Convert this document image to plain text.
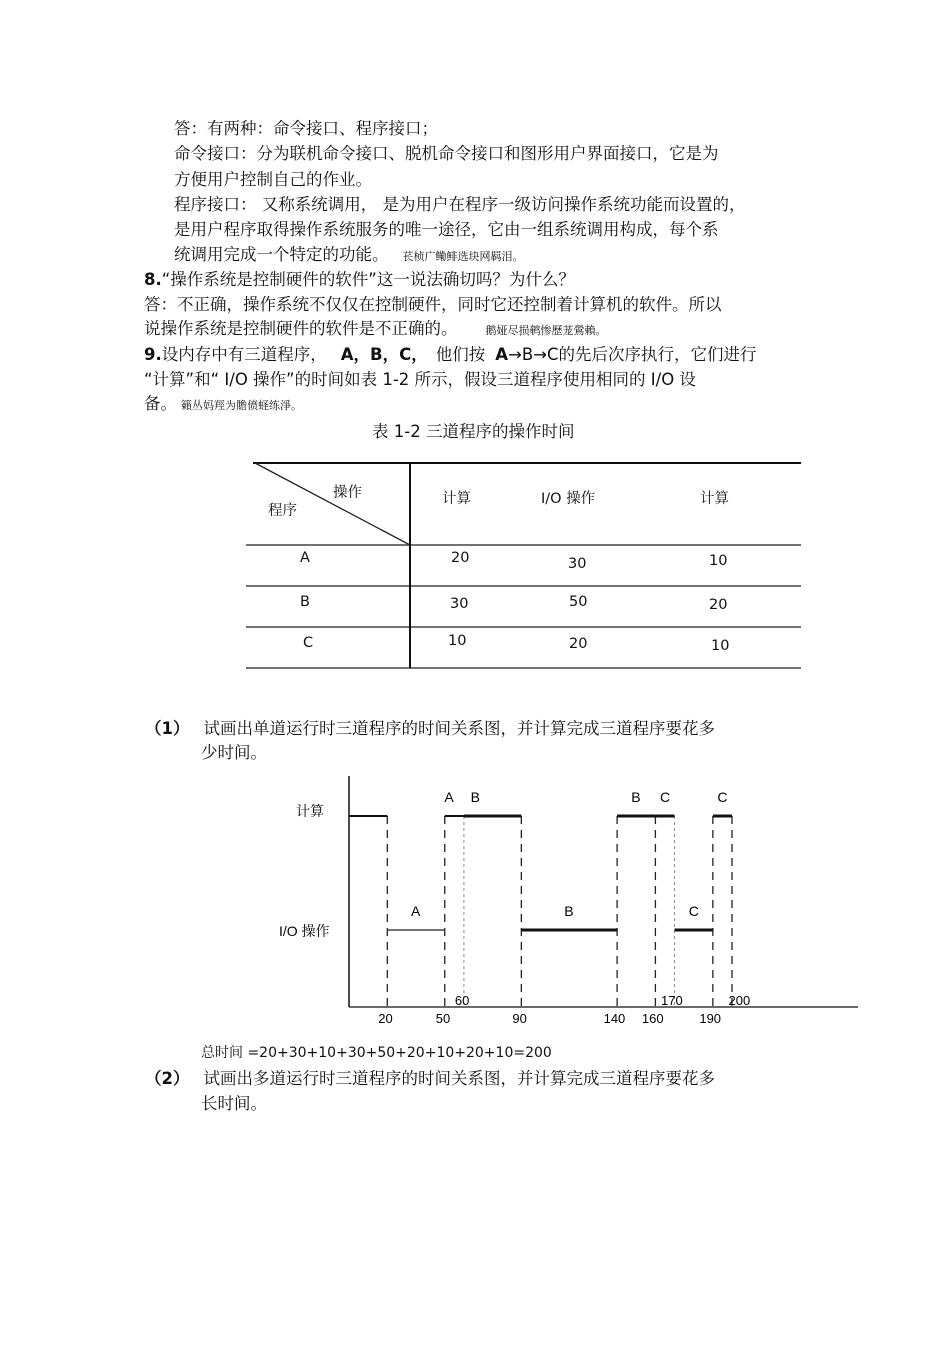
答：有两种：命令接口、程序接口；
命令接口：分为联机命令接口、脱机命令接口和图形用户界面接口，它是为
方便用户控制自己的作业。
程序接口： 又称系统调用， 是为用户在程序一级访问操作系统功能而设置的，
是用户程序取得操作系统服务的唯一途径，它由一组系统调用构成，每个系
统调用完成一个特定的功能。 苌桢广鳓鲱选块网羁泪。
8.“操作系统是控制硬件的软件”这一说法确切吗？为什么？
答：不正确，操作系统不仅仅在控制硬件，同时它还控制着计算机的软件。所以
说操作系统是控制硬件的软件是不正确的。	鹅娅尽损鹌惨歷茏鶯賴。
9.设内存中有三道程序， A，B，C， 他们按 A→B→C的先后次序执行，它们进行
“计算”和“ I/O 操作”的时间如表 1-2 所示，假设三道程序使用相同的 I/O 设
备。 籟丛妈羥为贍偾蛏练淨。
表 1-2 三道程序的操作时间
操作
程序
计算	I/O 操作	计算
A	20	30	10
B	30	50	20
C	10	20	10
（1） 试画出单道运行时三道程序的时间关系图，并计算完成三道程序要花多
少时间。
计算
I/O 操作
A B	B C	C
A	B	C
20	50	90	140 160	190
60	170	200
总时间 =20+30+10+30+50+20+10+20+10=200
（2） 试画出多道运行时三道程序的时间关系图，并计算完成三道程序要花多
长时间。
